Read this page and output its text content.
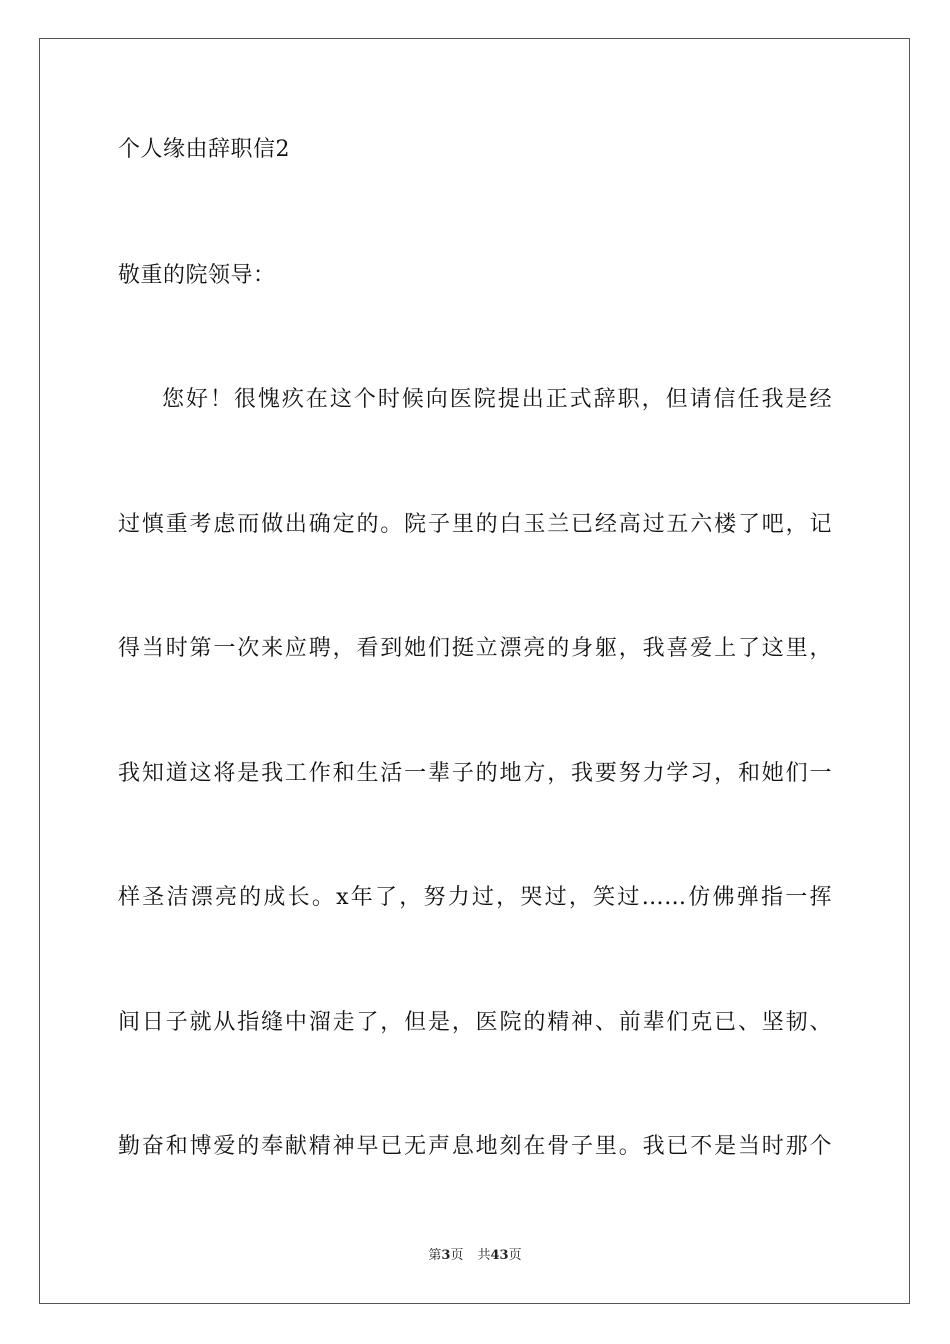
个人缘由辞职信2
敬重的院领导：
您好！很愧疚在这个时候向医院提出正式辞职，但请信任我是经
过慎重考虑而做出确定的。院子里的白玉兰已经高过五六楼了吧，记
得当时第一次来应聘，看到她们挺立漂亮的身躯，我喜爱上了这里，
我知道这将是我工作和生活一辈子的地方，我要努力学习，和她们一
样圣洁漂亮的成长。x年了，努力过，哭过，笑过……仿佛弹指一挥
间日子就从指缝中溜走了，但是，医院的精神、前辈们克已、坚韧、
勤奋和博爱的奉献精神早已无声息地刻在骨子里。我已不是当时那个
第3页 共43页
